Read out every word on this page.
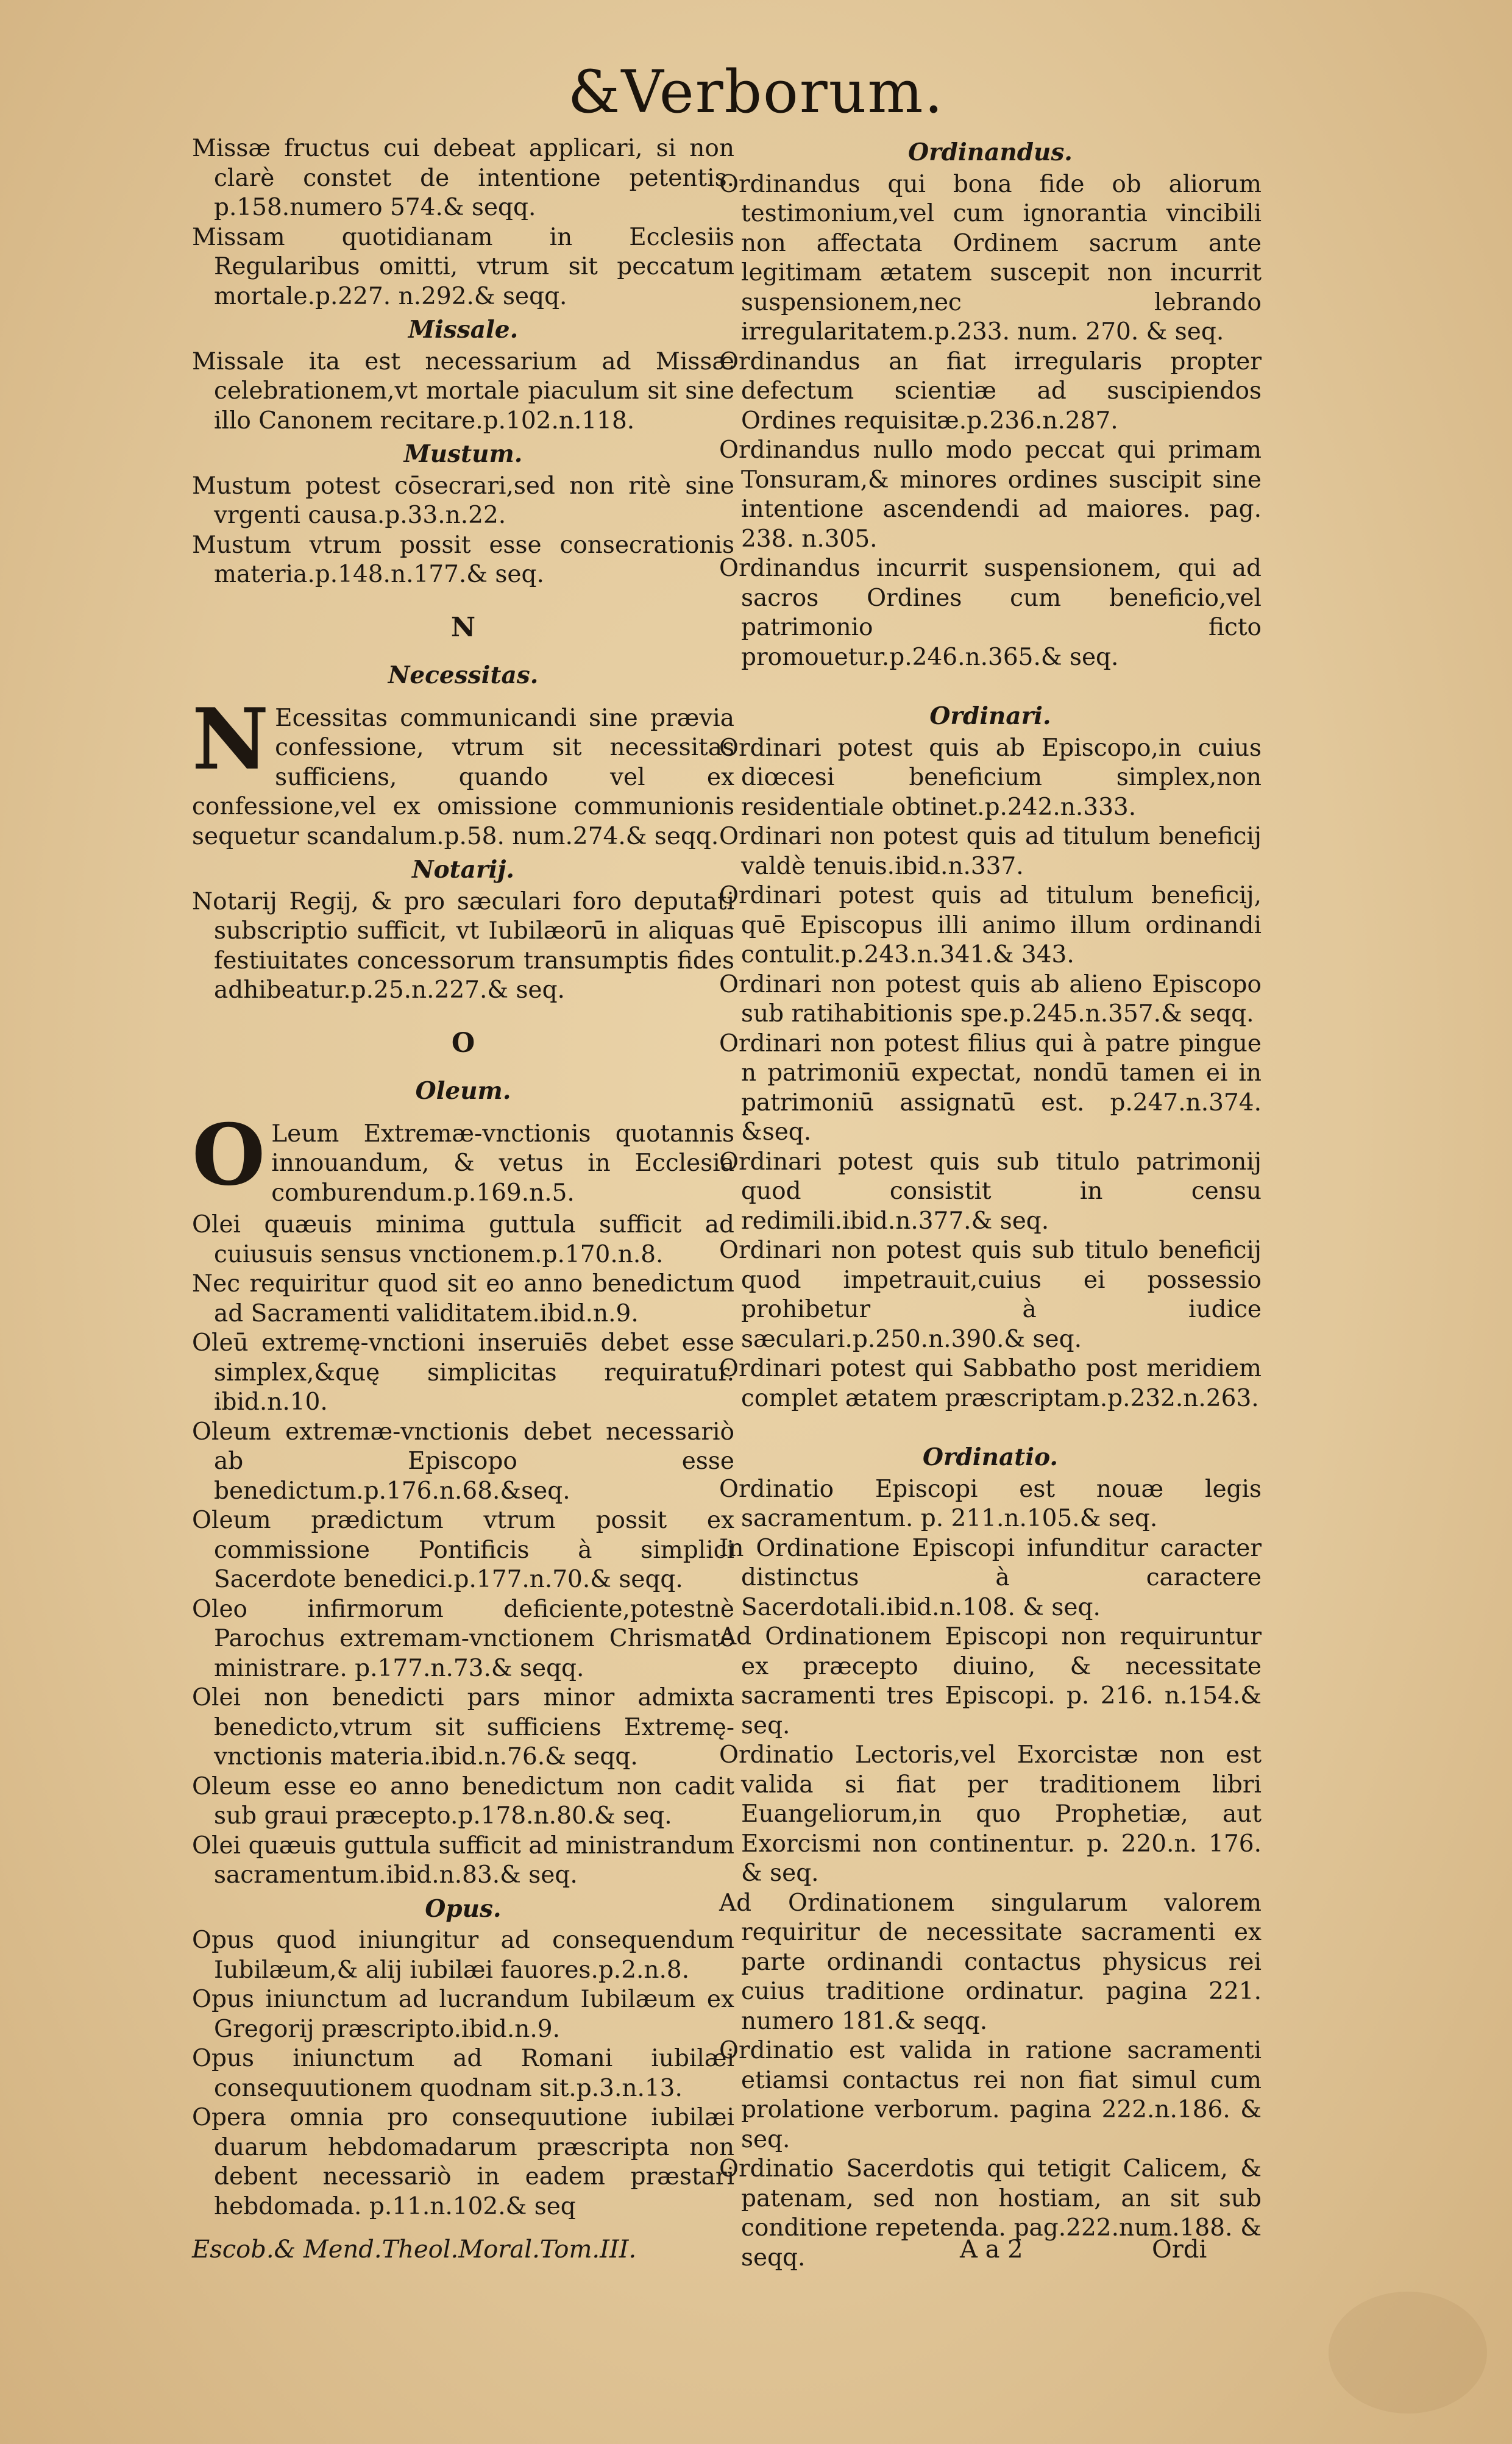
&Verborum.

Missæ fructus cui debeat applicari, si non clarè constet de intentione petentis. p.158.numero 574.& seqq.

Missam quotidianam in Ecclesiis Regularibus omitti, vtrum sit peccatum mortale.p.227. n.292.& seqq.

Missale.

Missale ita est necessarium ad Missæ celebrationem,vt mortale piaculum sit sine illo Canonem recitare.p.102.n.118.

Mustum.

Mustum potest cōsecrari,sed non ritè sine vrgenti causa.p.33.n.22.

Mustum vtrum possit esse consecrationis materia.p.148.n.177.& seq.

N
Necessitas.

N Ecessitas communicandi sine prævia confessione, vtrum sit necessitas sufficiens, quando vel ex confessione,vel ex omissione communionis sequetur scandalum.p.58. num.274.& seqq.

Notarij.

Notarij Regij, & pro sæculari foro deputati subscriptio sufficit, vt Iubilæorū in aliquas festiuitates concessorum transumptis fides adhibeatur.p.25.n.227.& seq.

O
Oleum.

O Leum Extremæ-vnctionis quotannis innouandum, & vetus in Ecclesia comburendum.p.169.n.5.

Olei quæuis minima guttula sufficit ad cuiusuis sensus vnctionem.p.170.n.8.

Nec requiritur quod sit eo anno benedictum ad Sacramenti validitatem.ibid.n.9.

Oleū extremę-vnctioni inseruiēs debet esse simplex,&quę simplicitas requiratur. ibid.n.10.

Oleum extremæ-vnctionis debet necessariò ab Episcopo esse benedictum.p.176.n.68.&seq.

Oleum prædictum vtrum possit ex commissione Pontificis à simplici Sacerdote benedici.p.177.n.70.& seqq.

Oleo infirmorum deficiente,potestnè Parochus extremam-vnctionem Chrismate ministrare. p.177.n.73.& seqq.

Olei non benedicti pars minor admixta benedicto,vtrum sit sufficiens Extremę-vnctionis materia.ibid.n.76.& seqq.

Oleum esse eo anno benedictum non cadit sub graui præcepto.p.178.n.80.& seq.

Olei quæuis guttula sufficit ad ministrandum sacramentum.ibid.n.83.& seq.

Opus.

Opus quod iniungitur ad consequendum Iubilæum,& alij iubilæi fauores.p.2.n.8.

Opus iniunctum ad lucrandum Iubilæum ex Gregorij præscripto.ibid.n.9.

Opus iniunctum ad Romani iubilæi consequutionem quodnam sit.p.3.n.13.

Opera omnia pro consequutione iubilæi duarum hebdomadarum præscripta non debent necessariò in eadem præstari hebdomada. p.11.n.102.& seq

Ordinandus.

Ordinandus qui bona fide ob aliorum testimonium,vel cum ignorantia vincibili non affectata Ordinem sacrum ante legitimam ætatem suscepit non incurrit suspensionem,nec lebrando irregularitatem.p.233. num. 270. & seq.

Ordinandus an fiat irregularis propter defectum scientiæ ad suscipiendos Ordines requisitæ.p.236.n.287.

Ordinandus nullo modo peccat qui primam Tonsuram,& minores ordines suscipit sine intentione ascendendi ad maiores. pag. 238. n.305.

Ordinandus incurrit suspensionem, qui ad sacros Ordines cum beneficio,vel patrimonio ficto promouetur.p.246.n.365.& seq.

Ordinari.

Ordinari potest quis ab Episcopo,in cuius diœcesi beneficium simplex,non residentiale obtinet.p.242.n.333.

Ordinari non potest quis ad titulum beneficij valdè tenuis.ibid.n.337.

Ordinari potest quis ad titulum beneficij, quē Episcopus illi animo illum ordinandi contulit.p.243.n.341.& 343.

Ordinari non potest quis ab alieno Episcopo sub ratihabitionis spe.p.245.n.357.& seqq.

Ordinari non potest filius qui à patre pingue n patrimoniū expectat, nondū tamen ei in patrimoniū assignatū est. p.247.n.374. &seq.

Ordinari potest quis sub titulo patrimonij quod consistit in censu redimili.ibid.n.377.& seq.

Ordinari non potest quis sub titulo beneficij quod impetrauit,cuius ei possessio prohibetur à iudice sæculari.p.250.n.390.& seq.

Ordinari potest qui Sabbatho post meridiem complet ætatem præscriptam.p.232.n.263.

Ordinatio.

Ordinatio Episcopi est nouæ legis sacramentum. p. 211.n.105.& seq.

In Ordinatione Episcopi infunditur caracter distinctus à caractere Sacerdotali.ibid.n.108. & seq.

Ad Ordinationem Episcopi non requiruntur ex præcepto diuino, & necessitate sacramenti tres Episcopi. p. 216. n.154.& seq.

Ordinatio Lectoris,vel Exorcistæ non est valida si fiat per traditionem libri Euangeliorum,in quo Prophetiæ, aut Exorcismi non continentur. p. 220.n. 176. & seq.

Ad Ordinationem singularum valorem requiritur de necessitate sacramenti ex parte ordinandi contactus physicus rei cuius traditione ordinatur. pagina 221. numero 181.& seqq.

Ordinatio est valida in ratione sacramenti etiamsi contactus rei non fiat simul cum prolatione verborum. pagina 222.n.186. & seq.

Ordinatio Sacerdotis qui tetigit Calicem, & patenam, sed non hostiam, an sit sub conditione repetenda. pag.222.num.188. & seqq.

Escob.& Mend.Theol.Moral.Tom.III.	A a 2	Ordi
